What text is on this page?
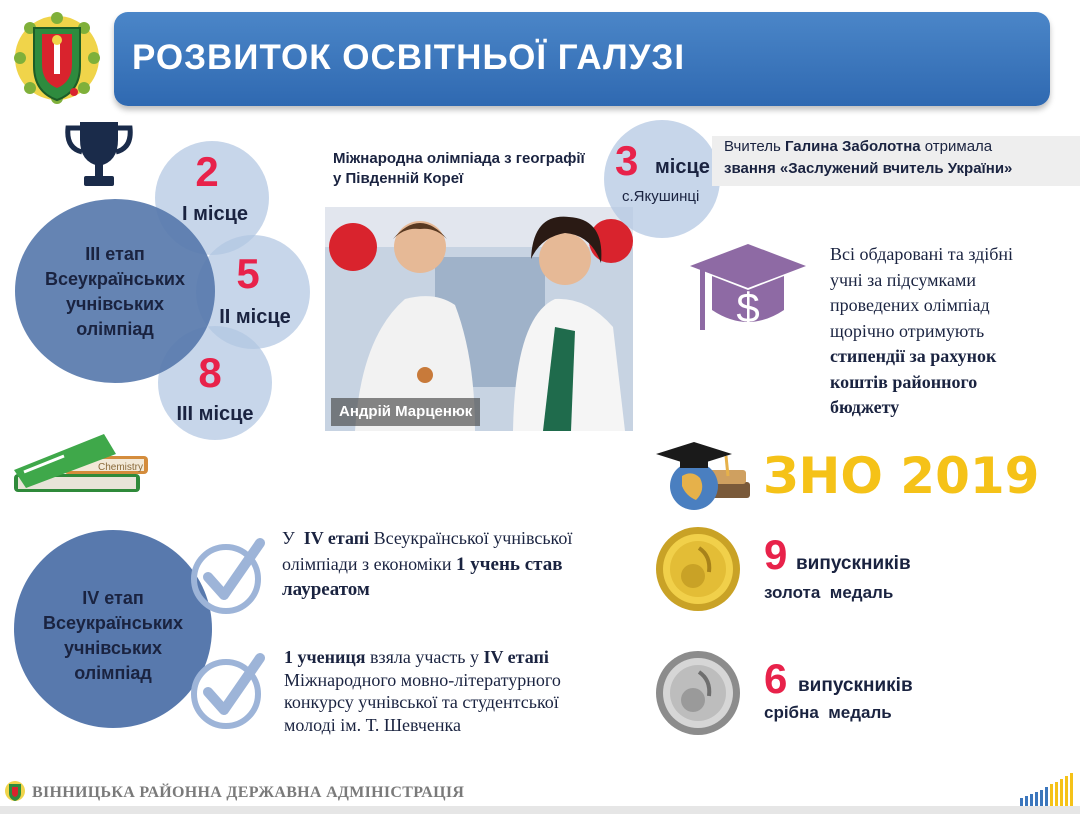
РОЗВИТОК ОСВІТНЬОЇ ГАЛУЗІ
ІІІ етап Всеукраїнських учнівських олімпіад
2
І місце
5
ІІ місце
8
ІІІ місце
Міжнародна олімпіада з географії у Південній Кореї
Андрій Марценюк
3 місце
с.Якушинці
Вчитель Галина Заболотна отримала
звання «Заслужений вчитель України»
$
Всі обдаровані та здібні учні за підсумками проведених олімпіад щорічно отримують стипендії за рахунок коштів районного бюджету
Chemistry	ЗНО 2019
9 випускників
золота  медаль
6 випускників
срібна  медаль
IV етап Всеукраїнських учнівських олімпіад
У  IV етапі Всеукраїнської учнівської олімпіади з економіки 1 учень став лауреатом
1 учениця взяла участь у IV етапі Міжнародного мовно-літературного конкурсу учнівської та студентської молоді ім. Т. Шевченка
ВІННИЦЬКА РАЙОННА ДЕРЖАВНА АДМІНІСТРАЦІЯ
